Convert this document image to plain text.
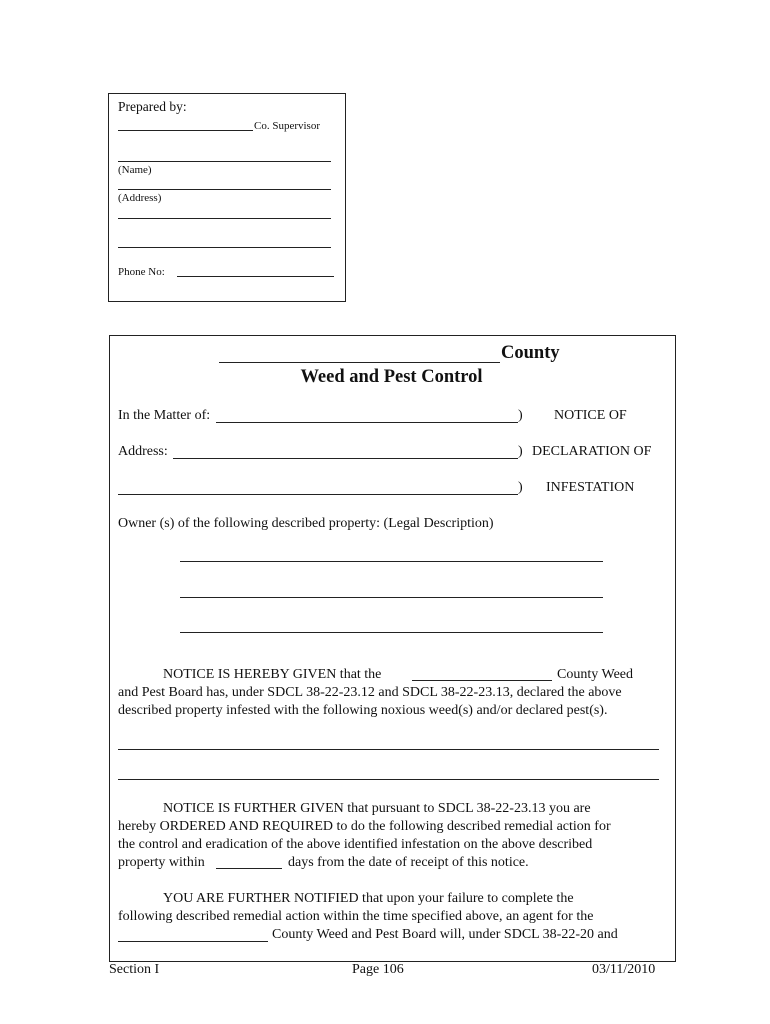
Prepared by:
Co. Supervisor
(Name)
(Address)
Phone No:
County
Weed and Pest Control
In the Matter of:	) NOTICE OF
Address:	) DECLARATION OF
) INFESTATION
Owner (s) of the following described property: (Legal Description)
NOTICE IS HEREBY GIVEN that the	County Weed
and Pest Board has, under SDCL 38-22-23.12 and SDCL 38-22-23.13, declared the above
described property infested with the following noxious weed(s) and/or declared pest(s).
NOTICE IS FURTHER GIVEN that pursuant to SDCL 38-22-23.13 you are
hereby ORDERED AND REQUIRED to do the following described remedial action for
the control and eradication of the above identified infestation on the above described
property within	days from the date of receipt of this notice.
YOU ARE FURTHER NOTIFIED that upon your failure to complete the
following described remedial action within the time specified above, an agent for the
County Weed and Pest Board will, under SDCL 38-22-20 and
Section I	Page 106	03/11/2010
